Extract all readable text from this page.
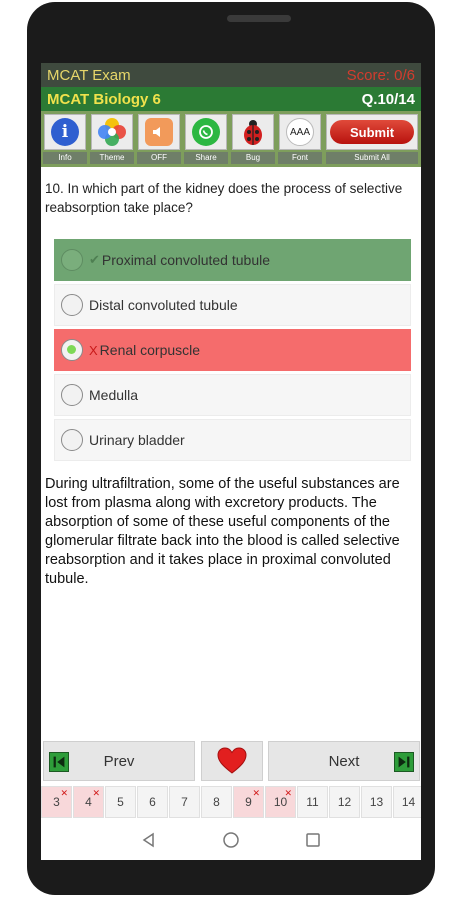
MCAT Exam	Score: 0/6
MCAT Biology 6	Q.10/14
i
Info	Theme	OFF	Share	Bug
AAA
Font
Submit
Submit All
10. In which part of the kidney does the process of selective reabsorption take place?
✔ Proximal convoluted tubule
Distal convoluted tubule
X Renal corpuscle
Medulla
Urinary bladder
During ultrafiltration, some of the useful substances are lost from plasma along with excretory products. The absorption of some of these useful components of the glomerular filtrate back into the blood is called selective reabsorption and it takes place in proximal convoluted tubule.
Prev	Next
3
✕
4
✕
5 6 7 8 9
✕
10
✕
11 12 13 14
